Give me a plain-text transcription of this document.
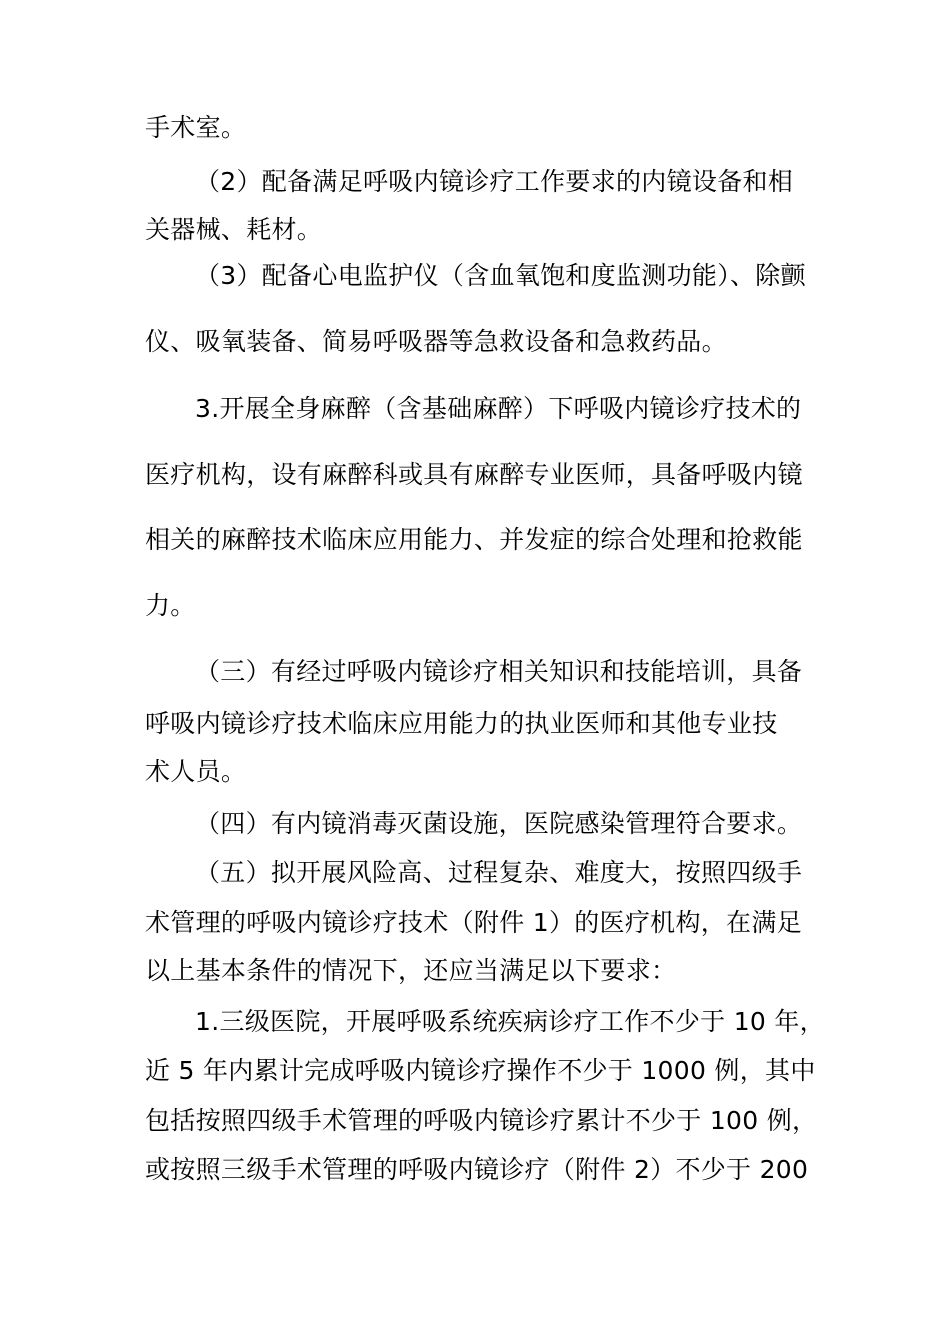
手术室。
（2）配备满足呼吸内镜诊疗工作要求的内镜设备和相
关器械、耗材。
（3）配备心电监护仪（含血氧饱和度监测功能）、除颤
仪、吸氧装备、简易呼吸器等急救设备和急救药品。
3.开展全身麻醉（含基础麻醉）下呼吸内镜诊疗技术的
医疗机构，设有麻醉科或具有麻醉专业医师，具备呼吸内镜
相关的麻醉技术临床应用能力、并发症的综合处理和抢救能
力。
（三）有经过呼吸内镜诊疗相关知识和技能培训，具备
呼吸内镜诊疗技术临床应用能力的执业医师和其他专业技
术人员。
（四）有内镜消毒灭菌设施，医院感染管理符合要求。
（五）拟开展风险高、过程复杂、难度大，按照四级手
术管理的呼吸内镜诊疗技术（附件 1）的医疗机构，在满足
以上基本条件的情况下，还应当满足以下要求：
1.三级医院，开展呼吸系统疾病诊疗工作不少于 10 年，
近 5 年内累计完成呼吸内镜诊疗操作不少于 1000 例，其中
包括按照四级手术管理的呼吸内镜诊疗累计不少于 100 例，
或按照三级手术管理的呼吸内镜诊疗（附件 2）不少于 200
